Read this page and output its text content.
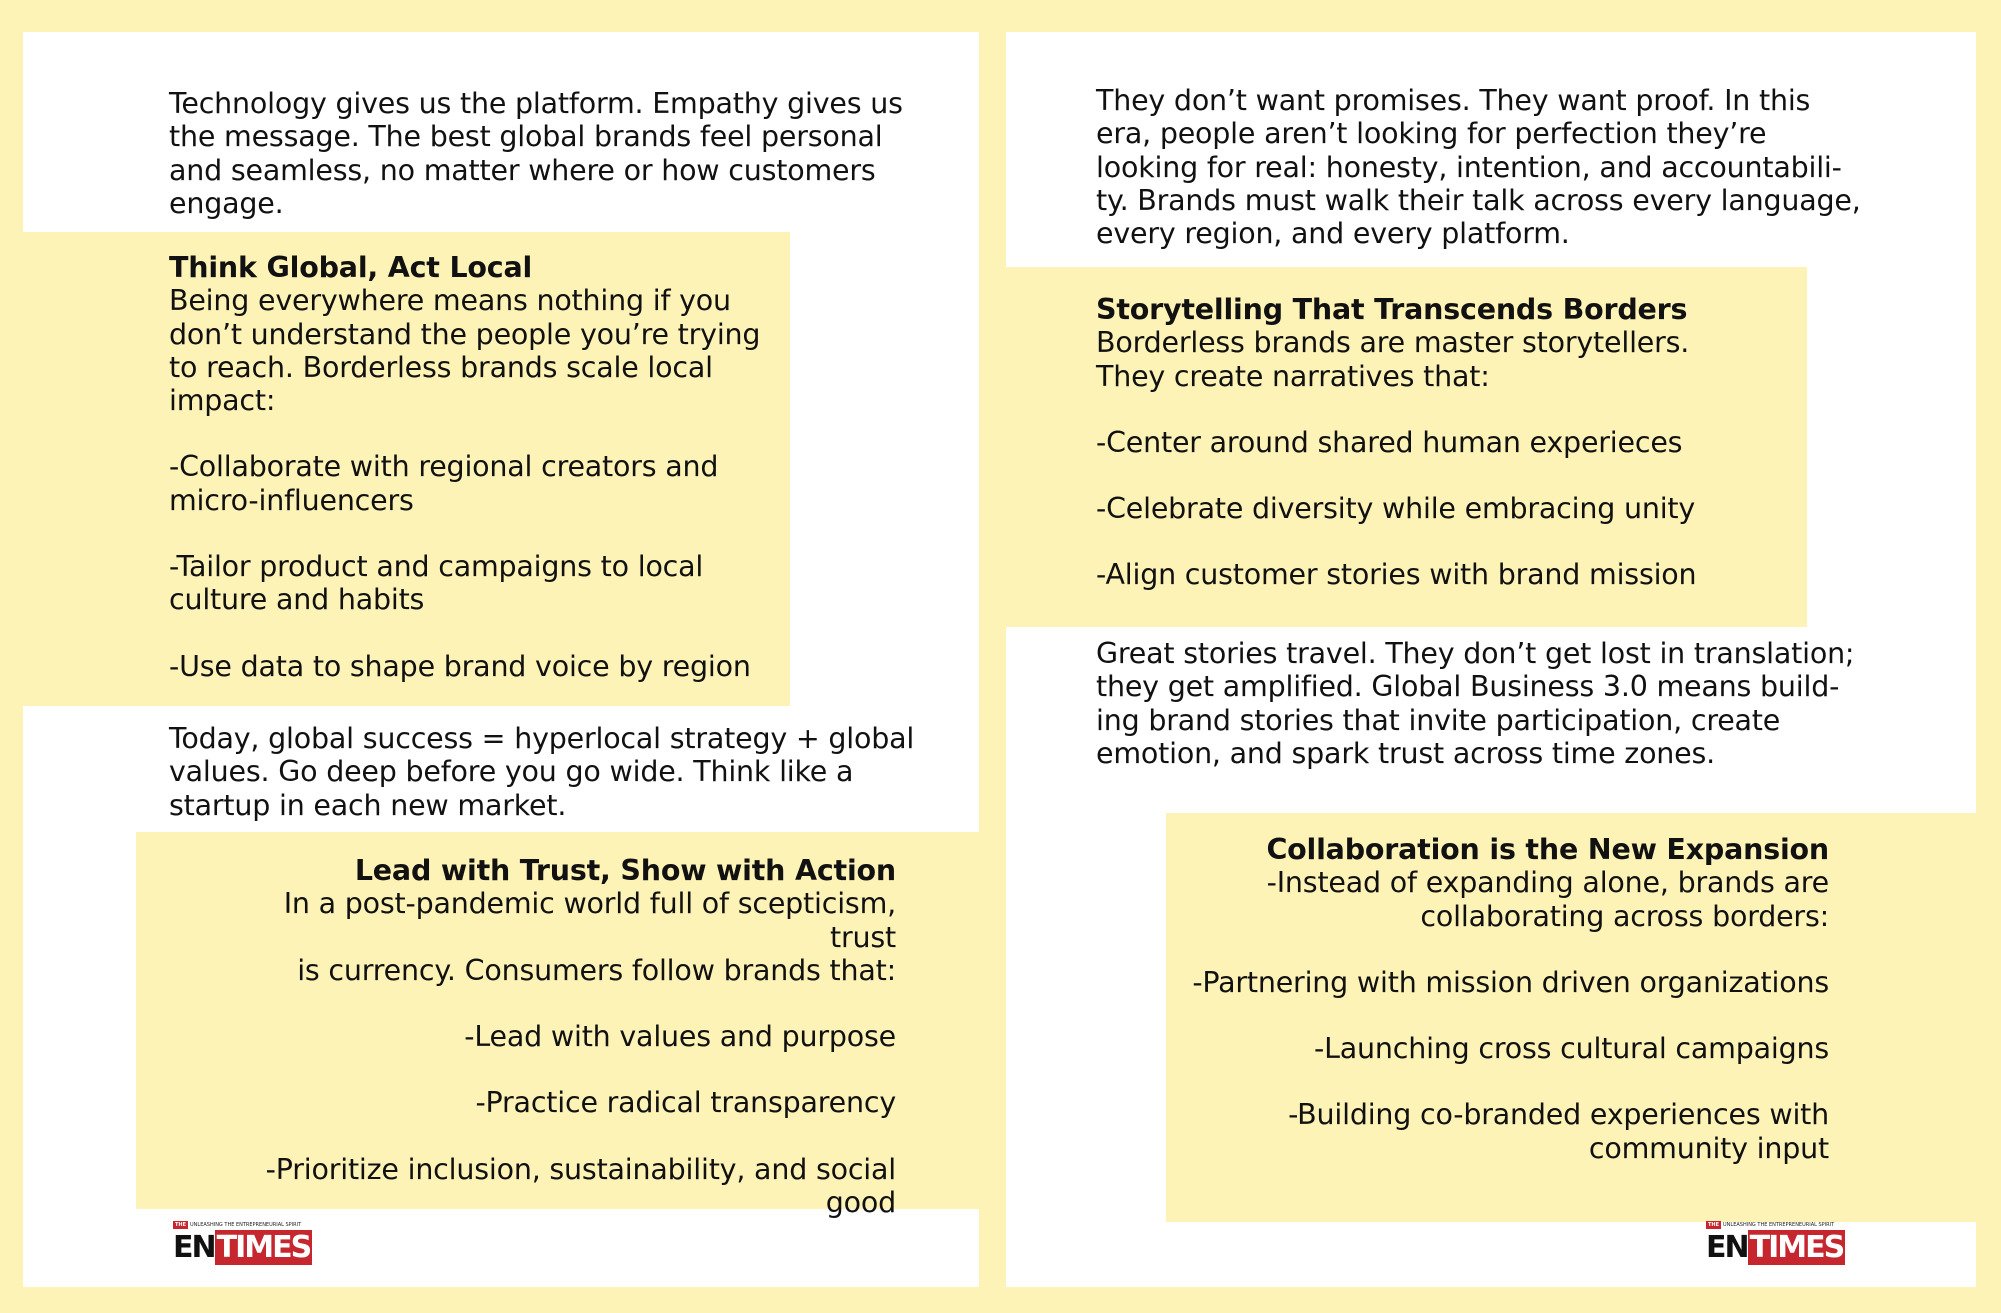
Technology gives us the platform. Empathy gives us

the message. The best global brands feel personal

and seamless, no matter where or how customers

engage.

Think Global, Act Local

Being everywhere means nothing if you

don’t understand the people you’re trying

to reach. Borderless brands scale local

impact:

-Collaborate with regional creators and

micro-influencers

-Tailor product and campaigns to local

culture and habits

-Use data to shape brand voice by region

Today, global success = hyperlocal strategy + global

values. Go deep before you go wide. Think like a

startup in each new market.

Lead with Trust, Show with Action

In a post-pandemic world full of scepticism, trust

is currency. Consumers follow brands that:

-Lead with values and purpose

-Practice radical transparency

-Prioritize inclusion, sustainability, and social

good

THE UNLEASHING THE ENTREPRENEURIAL SPIRIT
ENTIMES

They don’t want promises. They want proof. In this

era, people aren’t looking for perfection they’re

looking for real: honesty, intention, and accountabili-

ty. Brands must walk their talk across every language,

every region, and every platform.

Storytelling That Transcends Borders

Borderless brands are master storytellers.

They create narratives that:

-Center around shared human experieces

-Celebrate diversity while embracing unity

-Align customer stories with brand mission

Great stories travel. They don’t get lost in translation;

they get amplified. Global Business 3.0 means build-

ing brand stories that invite participation, create

emotion, and spark trust across time zones.

Collaboration is the New Expansion

-Instead of expanding alone, brands are

collaborating across borders:

-Partnering with mission driven organizations

-Launching cross cultural campaigns

-Building co-branded experiences with

community input

THE UNLEASHING THE ENTREPRENEURIAL SPIRIT
ENTIMES
